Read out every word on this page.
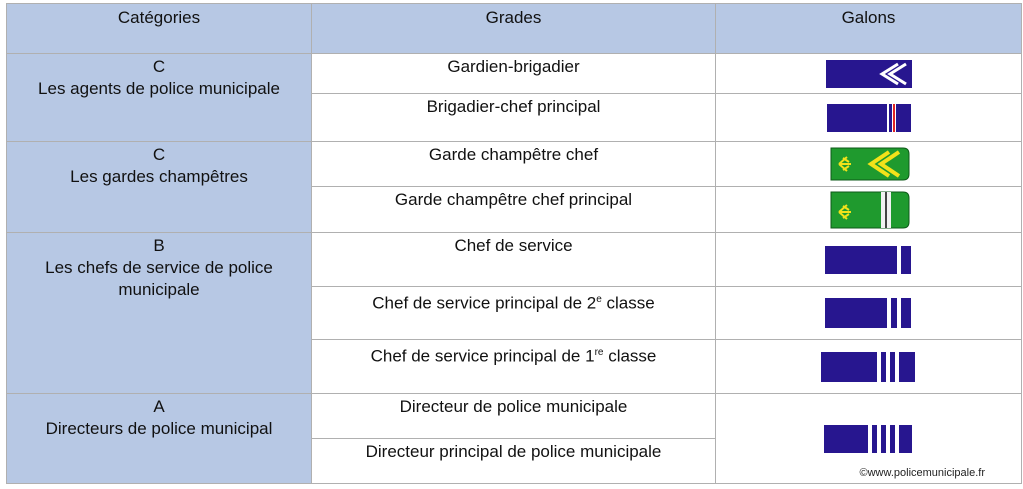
Catégories	Grades	Galons

C
Les agents de police municipale	Gardien-brigadier	

	Brigadier-chef principal	

C
Les gardes champêtres	Garde champêtre chef	

	Garde champêtre chef principal	

B
Les chefs de service de police municipale	Chef de service	

	Chef de service principal de 2e classe	

	Chef de service principal de 1re classe	

A
Directeurs de police municipal	Directeur de police municipale	©www.policemunicipale.fr

	Directeur principal de police municipale	
